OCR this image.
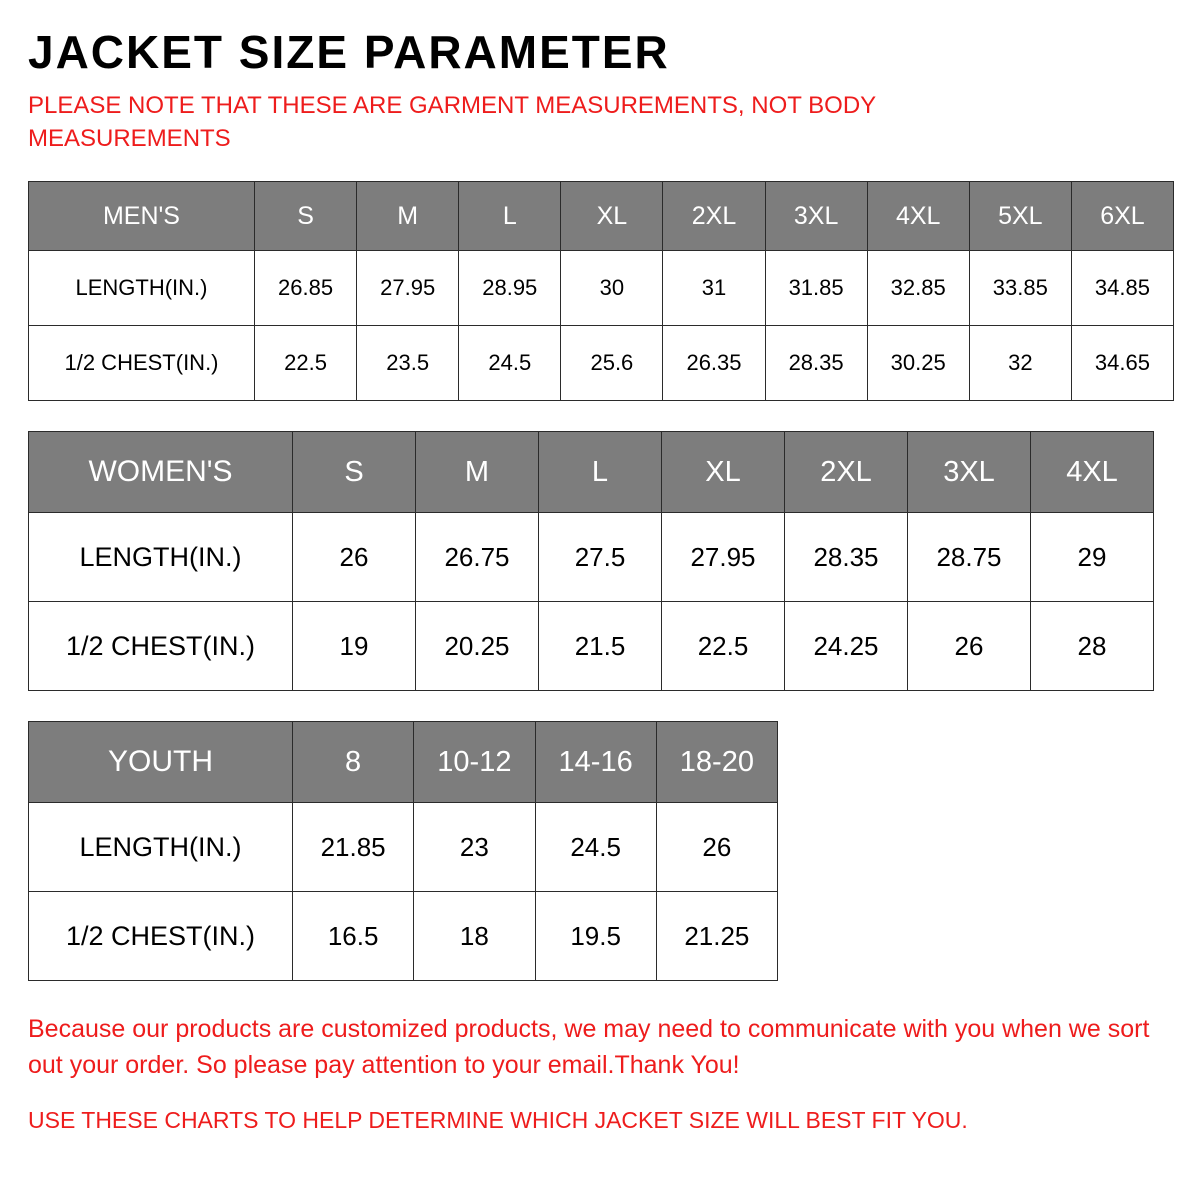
JACKET SIZE PARAMETER

PLEASE NOTE THAT THESE ARE GARMENT MEASUREMENTS, NOT BODY MEASUREMENTS

MEN'S	S	M	L	XL	2XL	3XL	4XL	5XL	6XL
LENGTH(IN.)	26.85	27.95	28.95	30	31	31.85	32.85	33.85	34.85
1/2 CHEST(IN.)	22.5	23.5	24.5	25.6	26.35	28.35	30.25	32	34.65
WOMEN'S	S	M	L	XL	2XL	3XL	4XL
LENGTH(IN.)	26	26.75	27.5	27.95	28.35	28.75	29
1/2 CHEST(IN.)	19	20.25	21.5	22.5	24.25	26	28
YOUTH	8	10-12	14-16	18-20
LENGTH(IN.)	21.85	23	24.5	26
1/2 CHEST(IN.)	16.5	18	19.5	21.25

Because our products are customized products, we may need to communicate with you when we sort out your order. So please pay attention to your email.Thank You!

USE THESE CHARTS TO HELP DETERMINE WHICH JACKET SIZE WILL BEST FIT YOU.
